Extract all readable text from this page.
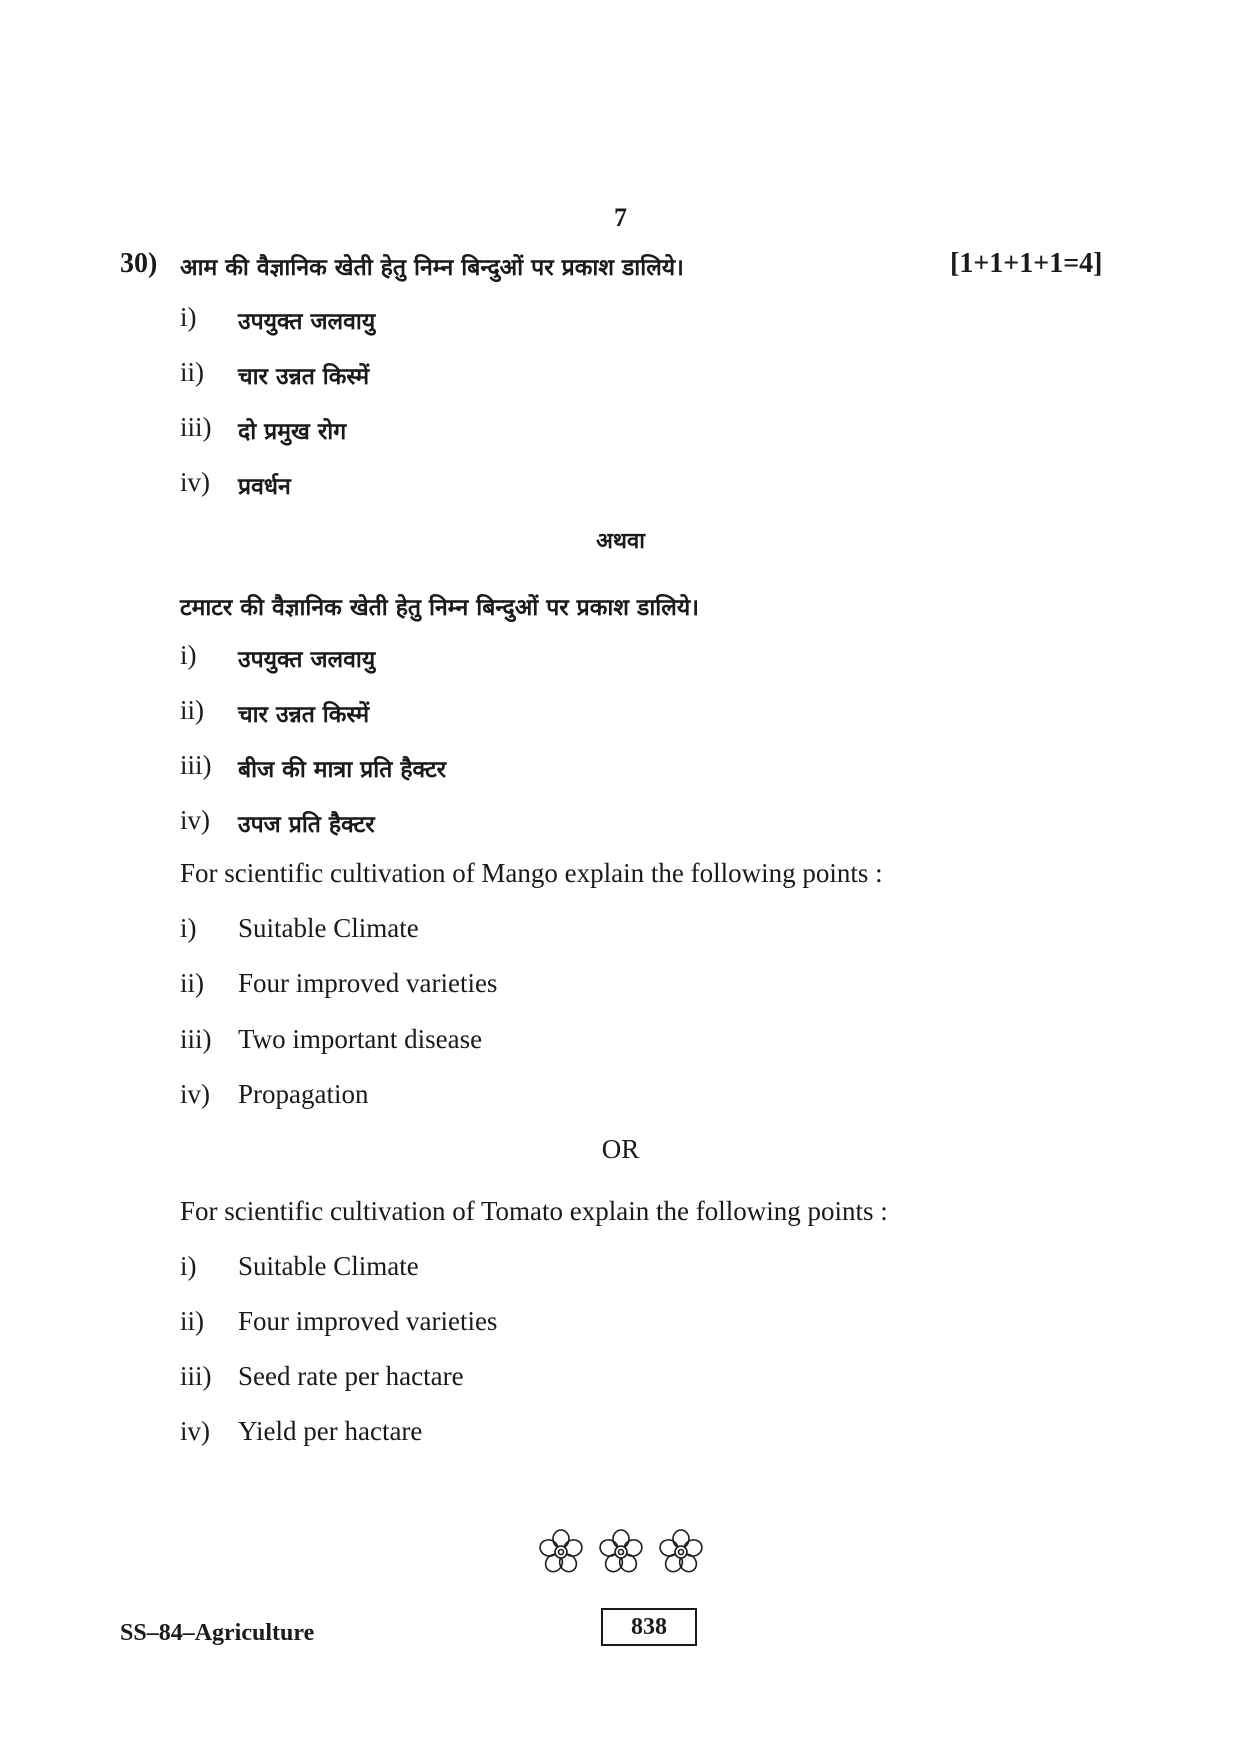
7
30) आम की वैज्ञानिक खेती हेतु निम्न बिन्दुओं पर प्रकाश डालिये।	[1+1+1+1=4]
i) उपयुक्त जलवायु
ii) चार उन्नत किस्में
iii) दो प्रमुख रोग
iv) प्रवर्धन
अथवा
टमाटर की वैज्ञानिक खेती हेतु निम्न बिन्दुओं पर प्रकाश डालिये।
i) उपयुक्त जलवायु
ii) चार उन्नत किस्में
iii) बीज की मात्रा प्रति हैक्टर
iv) उपज प्रति हैक्टर
For scientific cultivation of Mango explain the following points :
i) Suitable Climate
ii) Four improved varieties
iii) Two important disease
iv) Propagation
OR
For scientific cultivation of Tomato explain the following points :
i) Suitable Climate
ii) Four improved varieties
iii) Seed rate per hactare
iv) Yield per hactare
SS–84–Agriculture	838
